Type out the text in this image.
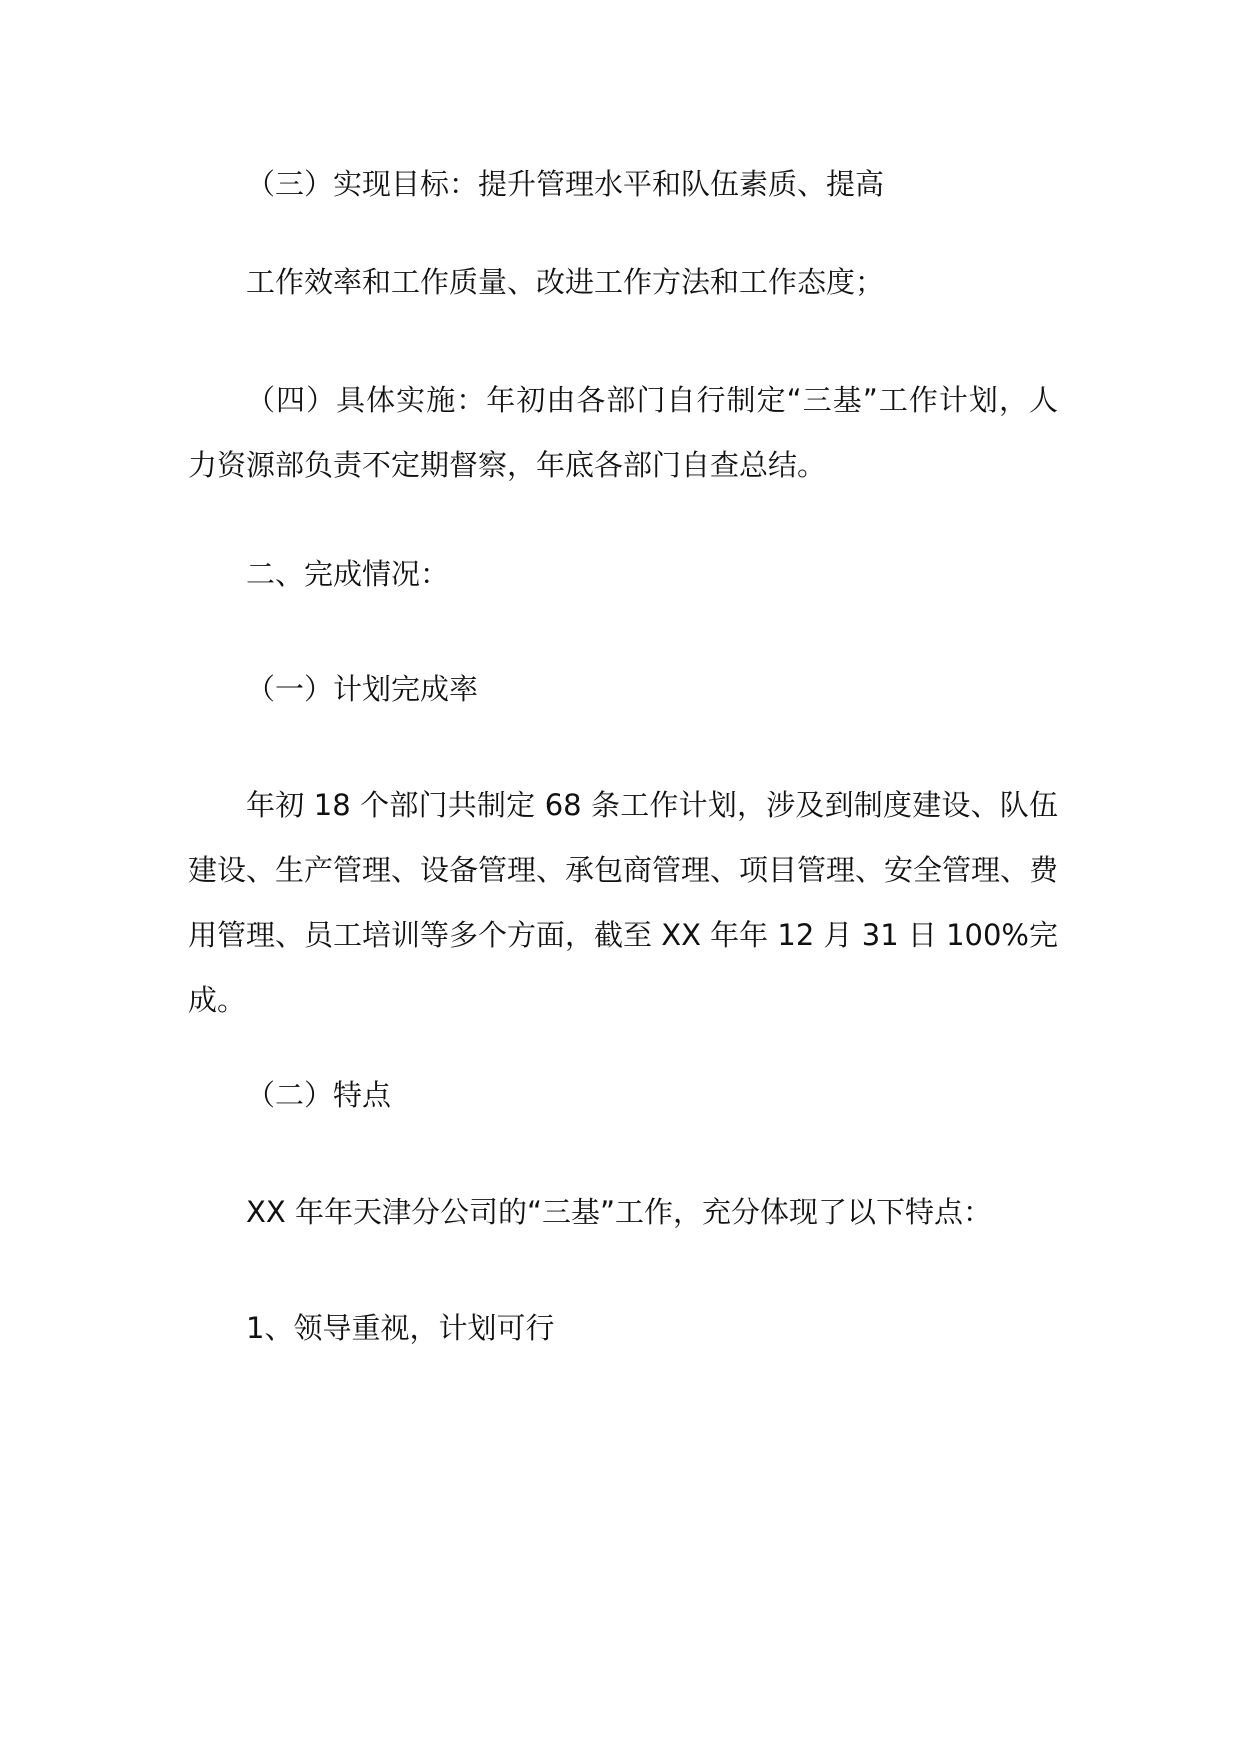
（三）实现目标：提升管理水平和队伍素质、提高

工作效率和工作质量、改进工作方法和工作态度；

（四）具体实施：年初由各部门自行制定“三基”工作计划，人力资源部负责不定期督察，年底各部门自查总结。

二、完成情况：

（一）计划完成率

年初 18 个部门共制定 68 条工作计划，涉及到制度建设、队伍建设、生产管理、设备管理、承包商管理、项目管理、安全管理、费用管理、员工培训等多个方面，截至 XX 年年 12 月 31 日 100%完成。

（二）特点

XX 年年天津分公司的“三基”工作，充分体现了以下特点：

1、领导重视，计划可行
